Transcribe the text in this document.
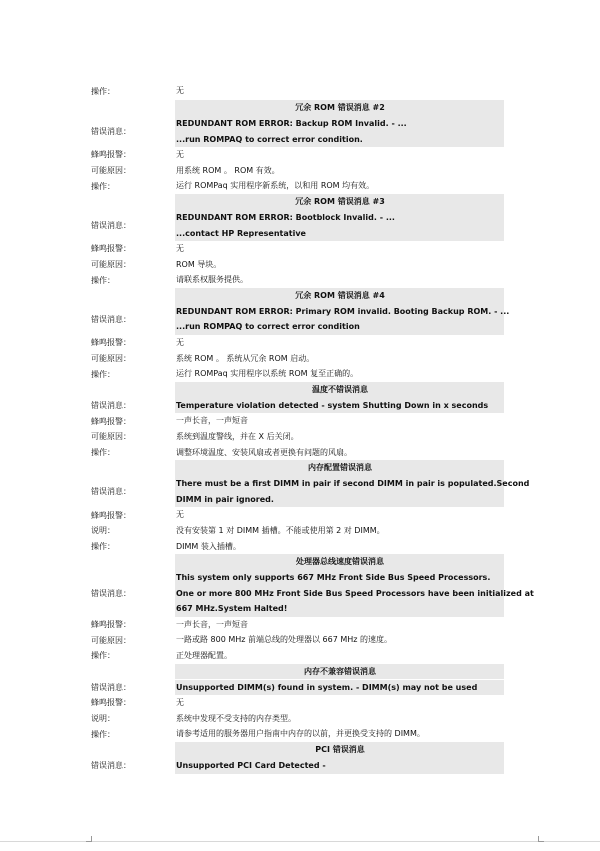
操作：	无
冗余 ROM 错误消息 #2
错误消息：
REDUNDANT ROM ERROR: Backup ROM Invalid. - ...
...run ROMPAQ to correct error condition.
蜂鸣报警：	无
可能原因：	用系统 ROM 。 ROM 有效。
操作：	运行 ROMPaq 实用程序新系统，以和用 ROM 均有效。
冗余 ROM 错误消息 #3
错误消息：
REDUNDANT ROM ERROR: Bootblock Invalid. - ...
...contact HP Representative
蜂鸣报警：	无
可能原因：	ROM 导块。
操作：	请联系权服务提供。
冗余 ROM 错误消息 #4
错误消息：
REDUNDANT ROM ERROR: Primary ROM invalid. Booting Backup ROM. - ...
...run ROMPAQ to correct error condition
蜂鸣报警：	无
可能原因：	系统 ROM 。 系统从冗余 ROM 启动。
操作：	运行 ROMPaq 实用程序以系统 ROM 复至正确的。
温度不错误消息
错误消息：	Temperature violation detected - system Shutting Down in x seconds
蜂鸣报警：	一声长音，一声短音
可能原因：	系统到温度警线，并在 X 后关闭。
操作：	调整环境温度、安装风扇或者更换有问题的风扇。
内存配置错误消息
错误消息：
There must be a first DIMM in pair if second DIMM in pair is populated.Second
DIMM in pair ignored.
蜂鸣报警：	无
说明：	没有安装第 1 对 DIMM 插槽。不能或使用第 2 对 DIMM。
操作：	DIMM 装入插槽。
处理器总线速度错误消息
错误消息：
This system only supports 667 MHz Front Side Bus Speed Processors.
One or more 800 MHz Front Side Bus Speed Processors have been initialized at
667 MHz.System Halted!
蜂鸣报警：	一声长音，一声短音
可能原因：	一路或路 800 MHz 前端总线的处理器以 667 MHz 的速度。
操作：	正处理器配置。
内存不兼容错误消息
错误消息：	Unsupported DIMM(s) found in system. - DIMM(s) may not be used
蜂鸣报警：	无
说明：	系统中发现不受支持的内存类型。
操作：	请参考适用的服务器用户指南中内存的以前，并更换受支持的 DIMM。
PCI 错误消息
错误消息：	Unsupported PCI Card Detected -
